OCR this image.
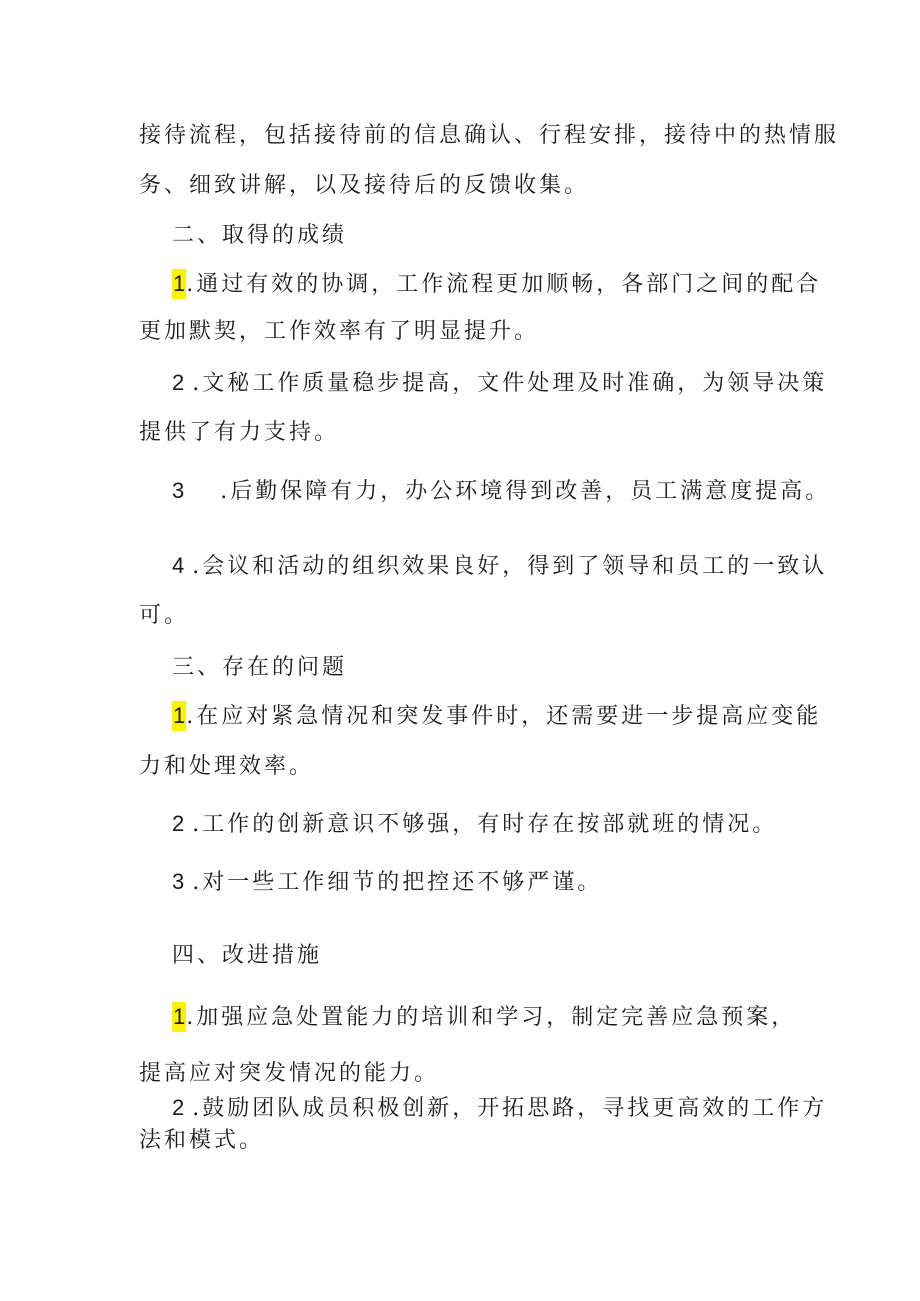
接待流程，包括接待前的信息确认、行程安排，接待中的热情服
务、细致讲解，以及接待后的反馈收集。
二、取得的成绩
1.通过有效的协调，工作流程更加顺畅，各部门之间的配合
更加默契，工作效率有了明显提升。
2 .文秘工作质量稳步提高，文件处理及时准确，为领导决策
提供了有力支持。
3 .后勤保障有力，办公环境得到改善，员工满意度提高。
4 .会议和活动的组织效果良好，得到了领导和员工的一致认
可。
三、存在的问题
1.在应对紧急情况和突发事件时，还需要进一步提高应变能
力和处理效率。
2 .工作的创新意识不够强，有时存在按部就班的情况。
3 .对一些工作细节的把控还不够严谨。
四、改进措施
1.加强应急处置能力的培训和学习，制定完善应急预案，
提高应对突发情况的能力。
2 .鼓励团队成员积极创新，开拓思路，寻找更高效的工作方
法和模式。
